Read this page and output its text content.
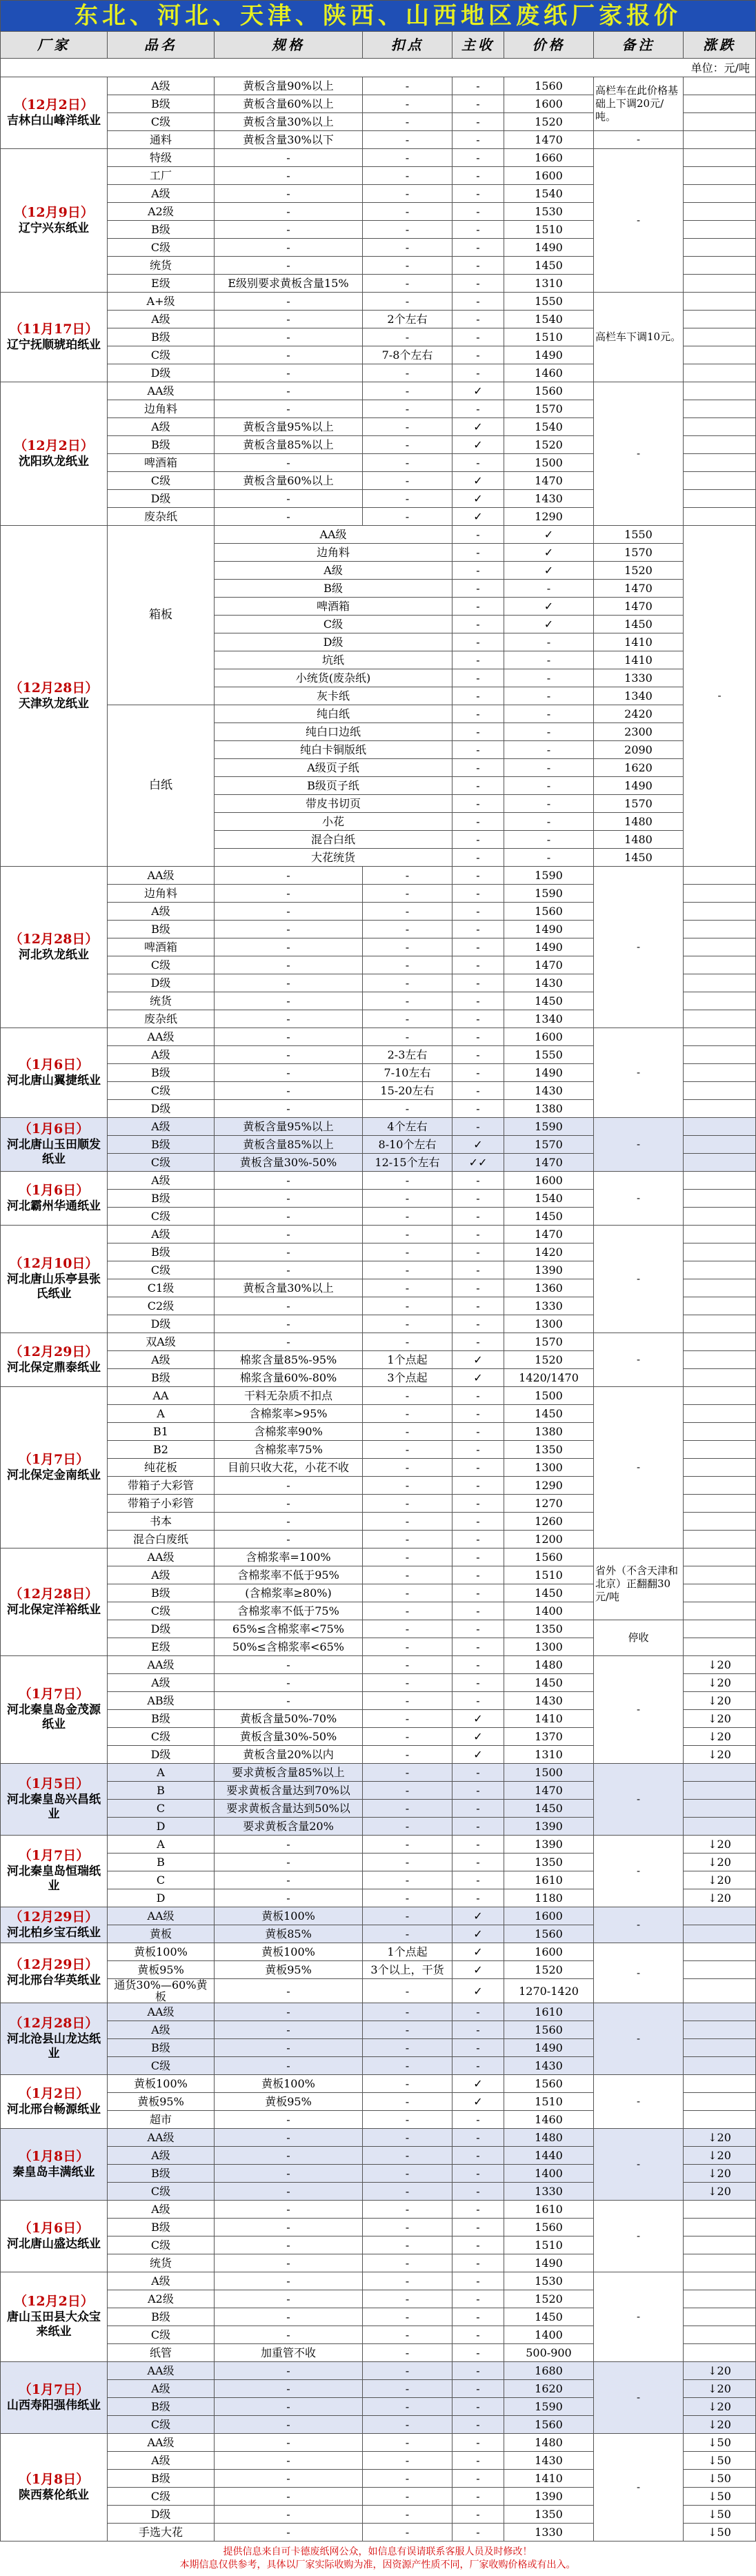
东北、河北、天津、陕西、山西地区废纸厂家报价								
厂家	品名	规格	扣点	主收	价格	备注	涨跌	
单位：元/吨								

（12月2日）
吉林白山峰洋纸业	A级	黄板含量90%以上	-	-	1560	高栏车在此价格基础上下调20元/吨。		
	B级	黄板含量60%以上	-	-	1600			
	C级	黄板含量30%以上	-	-	1520			
	通料	黄板含量30%以下	-	-	1470	-		

（12月9日）
辽宁兴东纸业	特级	-	-	-	1660	-		
	工厂	-	-	-	1600			
	A级	-	-	-	1540			
	A2级	-	-	-	1530			
	B级	-	-	-	1510			
	C级	-	-	-	1490			
	统货	-	-	-	1450			
	E级	E级别要求黄板含量15%	-	-	1310			

（11月17日）
辽宁抚顺琥珀纸业	A+级	-	-	-	1550	高栏车下调10元。		
	A级	-	2个左右	-	1540			
	B级	-	-	-	1510			
	C级	-	7-8个左右	-	1490			
	D级	-	-	-	1460			

（12月2日）
沈阳玖龙纸业	AA级	-	-	✓	1560	-		
	边角料	-	-	-	1570			
	A级	黄板含量95%以上	-	✓	1540			
	B级	黄板含量85%以上	-	✓	1520			
	啤酒箱	-	-	-	1500			
	C级	黄板含量60%以上	-	✓	1470			
	D级	-	-	✓	1430			
	废杂纸	-	-	✓	1290			

（12月28日）
天津玖龙纸业	箱板	AA级		-	✓	1550	-	
		边角料		-	✓	1570		
		A级		-	✓	1520		
		B级		-	-	1470		
		啤酒箱		-	✓	1470		
		C级		-	✓	1450		
		D级		-	-	1410		
		坑纸		-	-	1410		
		小统货(废杂纸)		-	-	1330		
		灰卡纸		-	-	1340		
	白纸	纯白纸		-	-	2420		
		纯白口边纸		-	-	2300		
		纯白卡铜版纸		-	-	2090		
		A级页子纸		-	-	1620		
		B级页子纸		-	-	1490		
		带皮书切页		-	-	1570		
		小花		-	-	1480		
		混合白纸		-	-	1480		
		大花统货		-	-	1450		

（12月28日）
河北玖龙纸业	AA级	-	-	-	1590	-		
	边角料	-	-	-	1590			
	A级	-	-	-	1560			
	B级	-	-	-	1490			
	啤酒箱	-	-	-	1490			
	C级	-	-	-	1470			
	D级	-	-	-	1430			
	统货	-	-	-	1450			
	废杂纸	-	-	-	1340			

（1月6日）
河北唐山翼捷纸业	AA级	-	-	-	1600	-		
	A级	-	2-3左右	-	1550			
	B级	-	7-10左右	-	1490			
	C级	-	15-20左右	-	1430			
	D级	-	-	-	1380			

（1月6日）
河北唐山玉田顺发纸业	A级	黄板含量95%以上	4个左右	-	1590	-		
	B级	黄板含量85%以上	8-10个左右	✓	1570			
	C级	黄板含量30%-50%	12-15个左右	✓✓	1470			

（1月6日）
河北霸州华通纸业	A级	-	-	-	1600	-		
	B级	-	-	-	1540			
	C级	-	-	-	1450			

（12月10日）
河北唐山乐亭县张氏纸业	A级	-	-	-	1470	-		
	B级	-	-	-	1420			
	C级	-	-	-	1390			
	C1级	黄板含量30%以上	-	-	1360			
	C2级	-	-	-	1330			
	D级	-	-	-	1300			

（12月29日）
河北保定鼎泰纸业	双A级	-	-	-	1570	-		
	A级	棉浆含量85%-95%	1个点起	✓	1520			
	B级	棉浆含量60%-80%	3个点起	✓	1420/1470			

（1月7日）
河北保定金南纸业	AA	干料无杂质不扣点	-	-	1500	-		
	A	含棉浆率>95%	-	-	1450			
	B1	含棉浆率90%	-	-	1380			
	B2	含棉浆率75%	-	-	1350			
	纯花板	目前只收大花，小花不收	-	-	1300			
	带箱子大彩管	-	-	-	1290			
	带箱子小彩管	-	-	-	1270			
	书本	-	-	-	1260			
	混合白废纸	-	-	-	1200			

（12月28日）
河北保定洋裕纸业	AA级	含棉浆率=100%	-	-	1560	省外（不含天津和北京）正翻翻30元/吨		
	A级	含棉浆率不低于95%	-	-	1510			
	B级	(含棉浆率≥80%)	-	-	1450			
	C级	含棉浆率不低于75%	-	-	1400			
	D级	65%≤含棉浆率<75%	-	-	1350	停收		
	E级	50%≤含棉浆率<65%	-	-	1300			

（1月7日）
河北秦皇岛金茂源纸业	AA级	-	-	-	1480	-	↓20	
	A级	-	-	-	1450		↓20	
	AB级	-	-	-	1430		↓20	
	B级	黄板含量50%-70%	-	✓	1410		↓20	
	C级	黄板含量30%-50%	-	✓	1370		↓20	
	D级	黄板含量20%以内	-	✓	1310		↓20	

（1月5日）
河北秦皇岛兴昌纸业	A	要求黄板含量85%以上	-	-	1500	-		
	B	要求黄板含量达到70%以	-	-	1470			
	C	要求黄板含量达到50%以	-	-	1450			
	D	要求黄板含量20%	-	-	1390			

（1月7日）
河北秦皇岛恒瑞纸业	A	-	-	-	1390	-	↓20	
	B	-	-	-	1350		↓20	
	C	-	-	-	1610		↓20	
	D	-	-	-	1180		↓20	

（12月29日）
河北柏乡宝石纸业	AA级	黄板100%	-	✓	1600	-		
	黄板	黄板85%	-	✓	1560			

（12月29日）
河北邢台华英纸业	黄板100%	黄板100%	1个点起	✓	1600	-		
	黄板95%	黄板95%	3个以上，干货	✓	1520			
	通货30%—60%黄板	-	-	✓	1270-1420			

（12月28日）
河北沧县山龙达纸业	AA级	-	-	-	1610	-		
	A级	-	-	-	1560			
	B级	-	-	-	1490			
	C级	-	-	-	1430			

（1月2日）
河北邢台畅源纸业	黄板100%	黄板100%	-	✓	1560	-		
	黄板95%	黄板95%	-	✓	1510			
	超市	-	-	-	1460			

（1月8日）
秦皇岛丰满纸业	AA级	-	-	-	1480	-	↓20	
	A级	-	-	-	1440		↓20	
	B级	-	-	-	1400		↓20	
	C级	-	-	-	1330		↓20	

（1月6日）
河北唐山盛达纸业	A级	-	-	-	1610	-		
	B级	-	-	-	1560			
	C级	-	-	-	1510			
	统货	-	-	-	1490			

（12月2日）
唐山玉田县大众宝来纸业	A级	-	-	-	1530	-		
	A2级	-	-	-	1520			
	B级	-	-	-	1450			
	C级	-	-	-	1400			
	纸管	加重管不收	-	-	500-900			

（1月7日）
山西寿阳强伟纸业	AA级	-	-	-	1680	-	↓20	
	A级	-	-	-	1620		↓20	
	B级	-	-	-	1590		↓20	
	C级	-	-	-	1560		↓20	

（1月8日）
陕西蔡伦纸业	AA级	-	-	-	1480	-	↓50	
	A级	-	-	-	1430		↓50	
	B级	-	-	-	1410		↓50	
	C级	-	-	-	1390		↓50	
	D级	-	-	-	1350		↓50	
	手选大花	-	-	-	1330		↓50	
提供信息来自可卡德废纸网公众，如信息有误请联系客服人员及时修改！
本期信息仅供参考，具体以厂家实际收购为准，因资源产性质不同，厂家收购价格或有出入。
